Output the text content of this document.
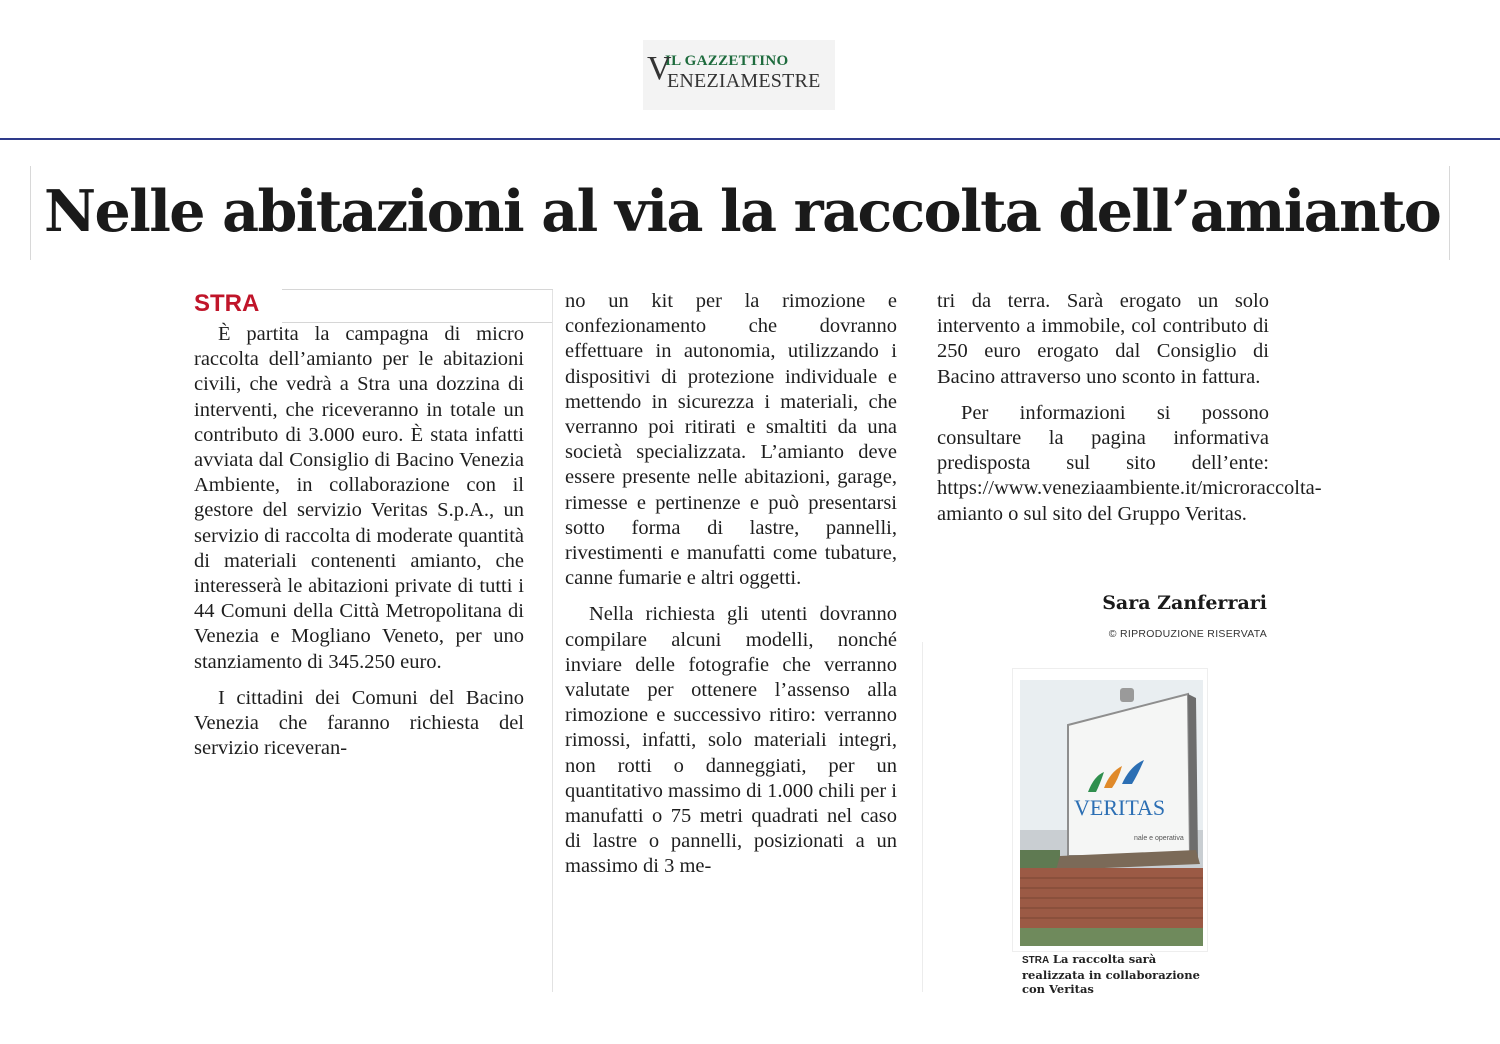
IL GAZZETTINO
V
ENEZIAMESTRE
Nelle abitazioni al via la raccolta dell’amianto
STRA

È partita la campagna di micro raccolta dell’amianto per le abitazioni civili, che vedrà a Stra una dozzina di interventi, che riceveranno in totale un contributo di 3.000 euro. È stata infatti avviata dal Consiglio di Bacino Venezia Ambiente, in collaborazione con il gestore del servizio Veritas S.p.A., un servizio di raccolta di moderate quantità di materiali contenenti amianto, che interesserà le abitazioni private di tutti i 44 Comuni della Città Metropolitana di Venezia e Mogliano Veneto, per uno stanziamento di 345.250 euro.

I cittadini dei Comuni del Bacino Venezia che faranno richiesta del servizio riceveran-

no un kit per la rimozione e confezionamento che dovranno effettuare in autonomia, utilizzando i dispositivi di protezione individuale e mettendo in sicurezza i materiali, che verranno poi ritirati e smaltiti da una società specializzata. L’amianto deve essere presente nelle abitazioni, garage, rimesse e pertinenze e può presentarsi sotto forma di lastre, pannelli, rivestimenti e manufatti come tubature, canne fumarie e altri oggetti.

Nella richiesta gli utenti dovranno compilare alcuni modelli, nonché inviare delle fotografie che verranno valutate per ottenere l’assenso alla rimozione e successivo ritiro: verranno rimossi, infatti, solo materiali integri, non rotti o danneggiati, per un quantitativo massimo di 1.000 chili per i manufatti o 75 metri quadrati nel caso di lastre o pannelli, posizionati a un massimo di 3 me-

tri da terra. Sarà erogato un solo intervento a immobile, col contributo di 250 euro erogato dal Consiglio di Bacino attraverso uno sconto in fattura.

Per informazioni si possono consultare la pagina informativa predisposta sul sito dell’ente: https://www.veneziaambiente.it/microraccolta-amianto o sul sito del Gruppo Veritas.

Sara Zanferrari
© RIPRODUZIONE RISERVATA
VERITAS
nale e operativa
STRA La raccolta sarà realizzata in collaborazione con Veritas
